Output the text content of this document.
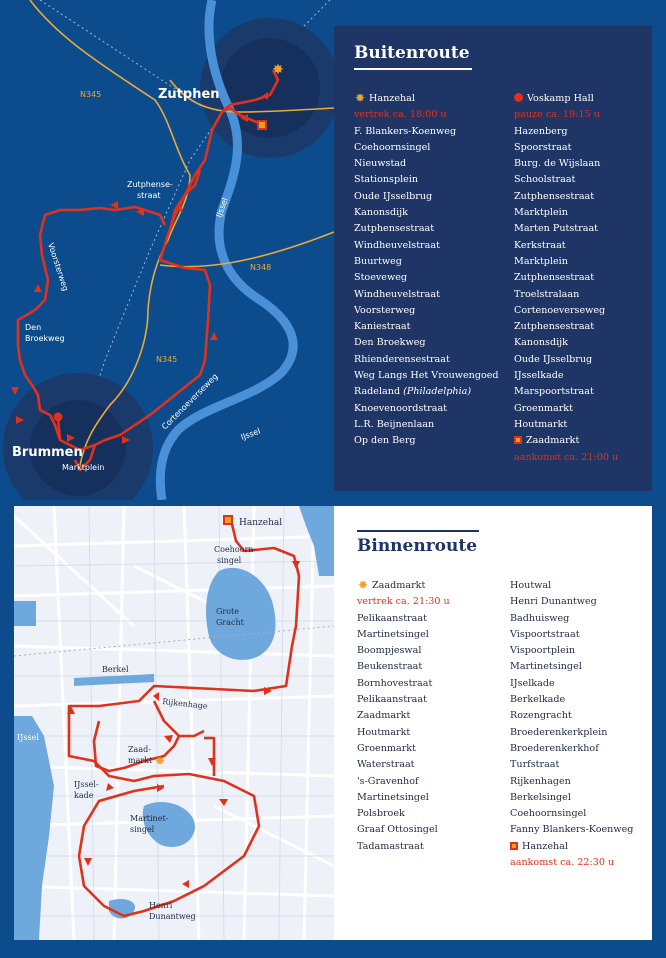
✸
Zutphen
Brummen
N345
N345
N348
Zutphense-
straat
Voorsterweg
Den
Broekweg
Cortenoeverseweg
IJssel
IJssel
Marktplein
Buitenroute
✸ Hanzehal
vertrek ca. 18:00 u
F. Blankers-Koenweg
Coehoornsingel
Nieuwstad
Stationsplein
Oude IJsselbrug
Kanonsdijk
Zutphensestraat
Windheuvelstraat
Buurtweg
Stoeveweg
Windheuvelstraat
Voorsterweg
Kaniestraat
Den Broekweg
Rhienderensestraat
Weg Langs Het Vrouwengoed
Radeland (Philadelphia)
Knoevenoordstraat
L.R. Beijnenlaan
Op den Berg
Voskamp Hall
pauze ca. 19:15 u
Hazenberg
Spoorstraat
Burg. de Wijslaan
Schoolstraat
Zutphensestraat
Marktplein
Marten Putstraat
Kerkstraat
Marktplein
Zutphensestraat
Troelstralaan
Cortenoeverseweg
Zutphensestraat
Kanonsdijk
Oude IJsselbrug
IJsselkade
Marspoortstraat
Groenmarkt
Houtmarkt
Zaadmarkt
aankomst ca. 21:00 u
Binnenroute
✸ Zaadmarkt
vertrek ca. 21:30 u
Pelikaanstraat
Martinetsingel
Boompjeswal
Beukenstraat
Bornhovestraat
Pelikaanstraat
Zaadmarkt
Houtmarkt
Groenmarkt
Waterstraat
's-Gravenhof
Martinetsingel
Polsbroek
Graaf Ottosingel
Tadamastraat
Houtwal
Henri Dunantweg
Badhuisweg
Vispoortstraat
Vispoortplein
Martinetsingel
IJselkade
Berkelkade
Rozengracht
Broederenkerkplein
Broederenkerkhof
Turfstraat
Rijkenhagen
Berkelsingel
Coehoornsingel
Fanny Blankers-Koenweg
Hanzehal
aankomst ca. 22:30 u
✸
Hanzehal
Coehoorn-
singel
Grote
Gracht
Berkel
Rijkenhage
IJssel
Zaad-
markt
IJssel-
kade
Martinet-
singel
Henri
Dunantweg
